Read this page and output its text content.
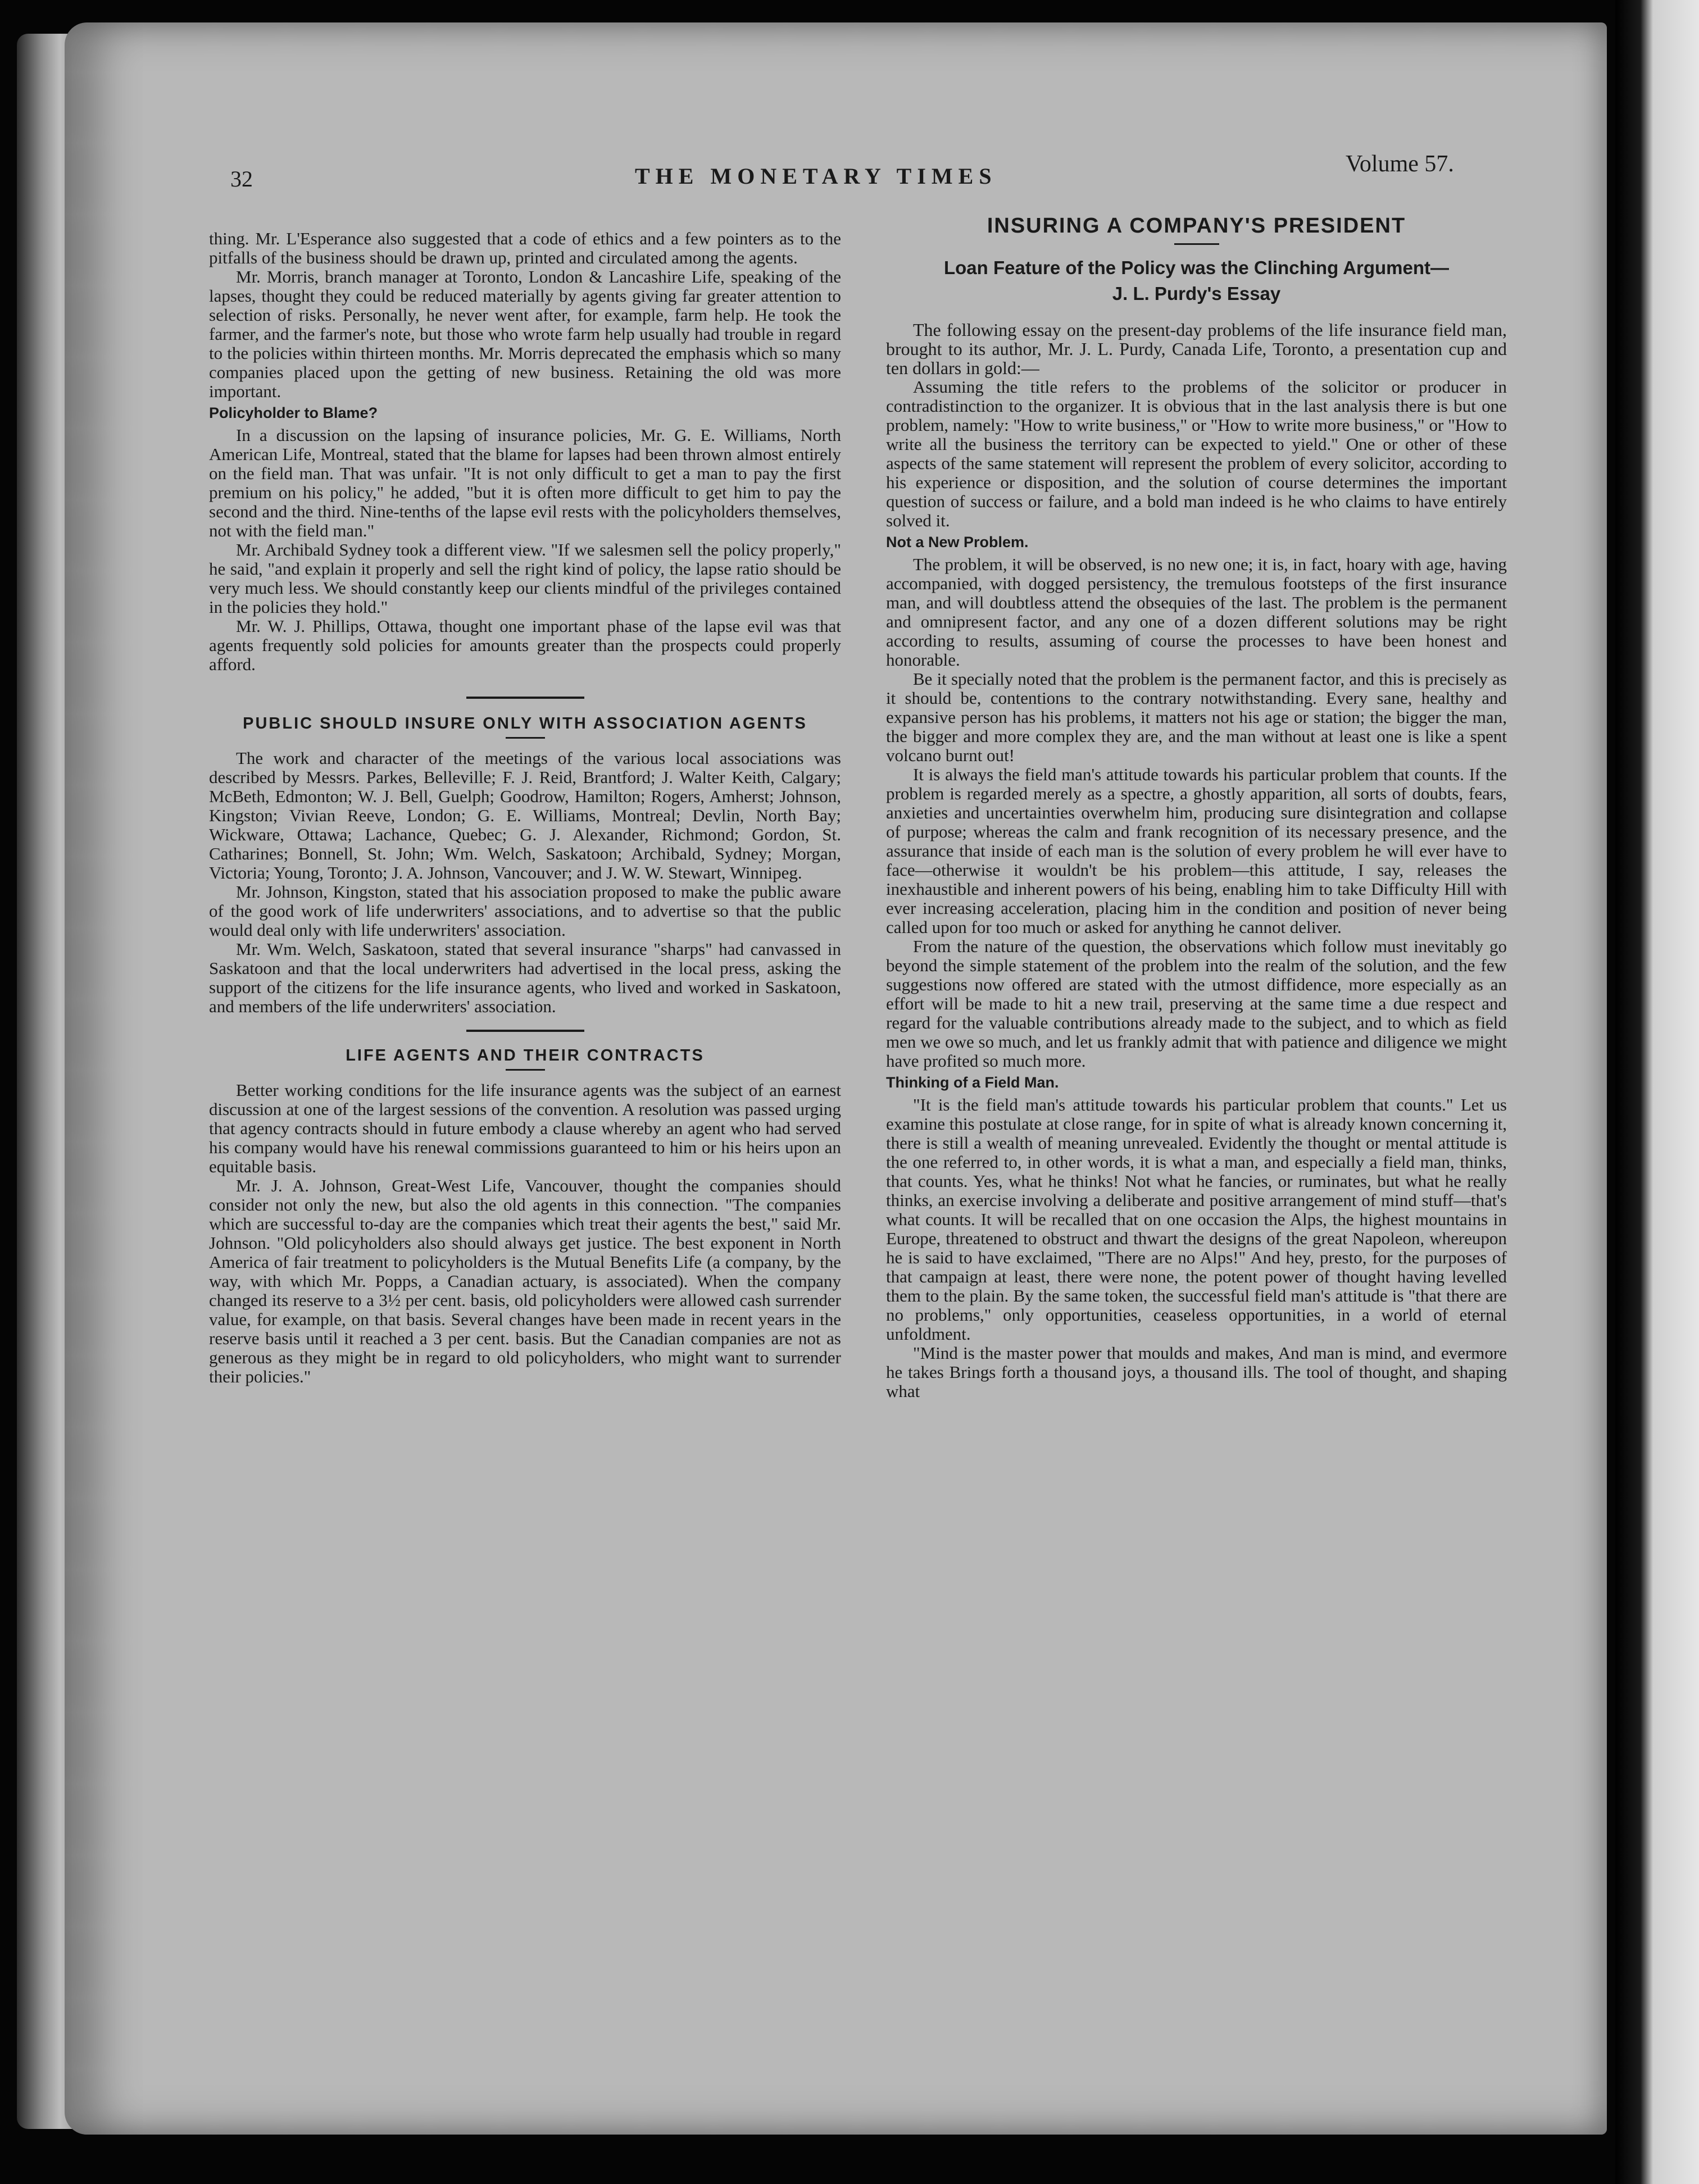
32	THE MONETARY TIMES	Volume 57.

thing. Mr. L'Esperance also suggested that a code of ethics and a few pointers as to the pitfalls of the business should be drawn up, printed and circulated among the agents.

Mr. Morris, branch manager at Toronto, London & Lancashire Life, speaking of the lapses, thought they could be reduced materially by agents giving far greater attention to selection of risks. Personally, he never went after, for example, farm help. He took the farmer, and the farmer's note, but those who wrote farm help usually had trouble in regard to the policies within thirteen months. Mr. Morris deprecated the emphasis which so many companies placed upon the getting of new business. Retaining the old was more important.

Policyholder to Blame?

In a discussion on the lapsing of insurance policies, Mr. G. E. Williams, North American Life, Montreal, stated that the blame for lapses had been thrown almost entirely on the field man. That was unfair. "It is not only difficult to get a man to pay the first premium on his policy," he added, "but it is often more difficult to get him to pay the second and the third. Nine-tenths of the lapse evil rests with the policyholders themselves, not with the field man."

Mr. Archibald Sydney took a different view. "If we salesmen sell the policy properly," he said, "and explain it properly and sell the right kind of policy, the lapse ratio should be very much less. We should constantly keep our clients mindful of the privileges contained in the policies they hold."

Mr. W. J. Phillips, Ottawa, thought one important phase of the lapse evil was that agents frequently sold policies for amounts greater than the prospects could properly afford.

PUBLIC SHOULD INSURE ONLY WITH ASSOCIATION AGENTS

The work and character of the meetings of the various local associations was described by Messrs. Parkes, Belleville; F. J. Reid, Brantford; J. Walter Keith, Calgary; McBeth, Edmonton; W. J. Bell, Guelph; Goodrow, Hamilton; Rogers, Amherst; Johnson, Kingston; Vivian Reeve, London; G. E. Williams, Montreal; Devlin, North Bay; Wickware, Ottawa; Lachance, Quebec; G. J. Alexander, Richmond; Gordon, St. Catharines; Bonnell, St. John; Wm. Welch, Saskatoon; Archibald, Sydney; Morgan, Victoria; Young, Toronto; J. A. Johnson, Vancouver; and J. W. W. Stewart, Winnipeg.

Mr. Johnson, Kingston, stated that his association proposed to make the public aware of the good work of life underwriters' associations, and to advertise so that the public would deal only with life underwriters' association.

Mr. Wm. Welch, Saskatoon, stated that several insurance "sharps" had canvassed in Saskatoon and that the local underwriters had advertised in the local press, asking the support of the citizens for the life insurance agents, who lived and worked in Saskatoon, and members of the life underwriters' association.

LIFE AGENTS AND THEIR CONTRACTS

Better working conditions for the life insurance agents was the subject of an earnest discussion at one of the largest sessions of the convention. A resolution was passed urging that agency contracts should in future embody a clause whereby an agent who had served his company would have his renewal commissions guaranteed to him or his heirs upon an equitable basis.

Mr. J. A. Johnson, Great-West Life, Vancouver, thought the companies should consider not only the new, but also the old agents in this connection. "The companies which are successful to-day are the companies which treat their agents the best," said Mr. Johnson. "Old policyholders also should always get justice. The best exponent in North America of fair treatment to policyholders is the Mutual Benefits Life (a company, by the way, with which Mr. Popps, a Canadian actuary, is associated). When the company changed its reserve to a 3½ per cent. basis, old policyholders were allowed cash surrender value, for example, on that basis. Several changes have been made in recent years in the reserve basis until it reached a 3 per cent. basis. But the Canadian companies are not as generous as they might be in regard to old policyholders, who might want to surrender their policies."

INSURING A COMPANY'S PRESIDENT
Loan Feature of the Policy was the Clinching Argument—
J. L. Purdy's Essay

The following essay on the present-day problems of the life insurance field man, brought to its author, Mr. J. L. Purdy, Canada Life, Toronto, a presentation cup and ten dollars in gold:—

Assuming the title refers to the problems of the solicitor or producer in contradistinction to the organizer. It is obvious that in the last analysis there is but one problem, namely: "How to write business," or "How to write more business," or "How to write all the business the territory can be expected to yield." One or other of these aspects of the same statement will represent the problem of every solicitor, according to his experience or disposition, and the solution of course determines the important question of success or failure, and a bold man indeed is he who claims to have entirely solved it.

Not a New Problem.

The problem, it will be observed, is no new one; it is, in fact, hoary with age, having accompanied, with dogged persistency, the tremulous footsteps of the first insurance man, and will doubtless attend the obsequies of the last. The problem is the permanent and omnipresent factor, and any one of a dozen different solutions may be right according to results, assuming of course the processes to have been honest and honorable.

Be it specially noted that the problem is the permanent factor, and this is precisely as it should be, contentions to the contrary notwithstanding. Every sane, healthy and expansive person has his problems, it matters not his age or station; the bigger the man, the bigger and more complex they are, and the man without at least one is like a spent volcano burnt out!

It is always the field man's attitude towards his particular problem that counts. If the problem is regarded merely as a spectre, a ghostly apparition, all sorts of doubts, fears, anxieties and uncertainties overwhelm him, producing sure disintegration and collapse of purpose; whereas the calm and frank recognition of its necessary presence, and the assurance that inside of each man is the solution of every problem he will ever have to face—otherwise it wouldn't be his problem—this attitude, I say, releases the inexhaustible and inherent powers of his being, enabling him to take Difficulty Hill with ever increasing acceleration, placing him in the condition and position of never being called upon for too much or asked for anything he cannot deliver.

From the nature of the question, the observations which follow must inevitably go beyond the simple statement of the problem into the realm of the solution, and the few suggestions now offered are stated with the utmost diffidence, more especially as an effort will be made to hit a new trail, preserving at the same time a due respect and regard for the valuable contributions already made to the subject, and to which as field men we owe so much, and let us frankly admit that with patience and diligence we might have profited so much more.

Thinking of a Field Man.

"It is the field man's attitude towards his particular problem that counts." Let us examine this postulate at close range, for in spite of what is already known concerning it, there is still a wealth of meaning unrevealed. Evidently the thought or mental attitude is the one referred to, in other words, it is what a man, and especially a field man, thinks, that counts. Yes, what he thinks! Not what he fancies, or ruminates, but what he really thinks, an exercise involving a deliberate and positive arrangement of mind stuff—that's what counts. It will be recalled that on one occasion the Alps, the highest mountains in Europe, threatened to obstruct and thwart the designs of the great Napoleon, whereupon he is said to have exclaimed, "There are no Alps!" And hey, presto, for the purposes of that campaign at least, there were none, the potent power of thought having levelled them to the plain. By the same token, the successful field man's attitude is "that there are no problems," only opportunities, ceaseless opportunities, in a world of eternal unfoldment.

"Mind is the master power that moulds and makes, And man is mind, and evermore he takes Brings forth a thousand joys, a thousand ills. The tool of thought, and shaping what
